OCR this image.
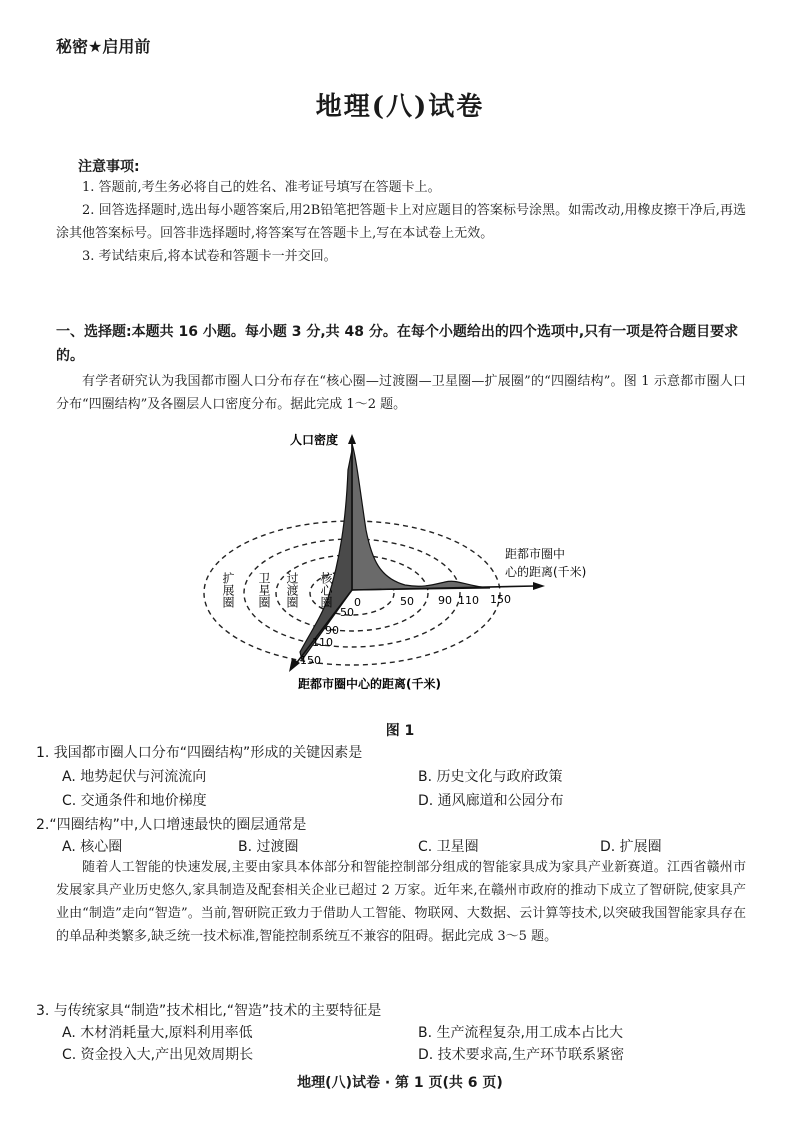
秘密★启用前
地理(八)试卷
注意事项:
1. 答题前,考生务必将自己的姓名、准考证号填写在答题卡上。
2. 回答选择题时,选出每小题答案后,用2B铅笔把答题卡上对应题目的答案标号涂黑。如需改动,用橡皮擦干净后,再选涂其他答案标号。回答非选择题时,将答案写在答题卡上,写在本试卷上无效。
3. 考试结束后,将本试卷和答题卡一并交回。
一、选择题:本题共 16 小题。每小题 3 分,共 48 分。在每个小题给出的四个选项中,只有一项是符合题目要求的。
有学者研究认为我国都市圈人口分布存在“核心圈—过渡圈—卫星圈—扩展圈”的“四圈结构”。图 1 示意都市圈人口分布“四圈结构”及各圈层人口密度分布。据此完成 1～2 题。
人口密度
距都市圈中
心的距离(千米)
距都市圈中心的距离(千米)
扩展圈 卫星圈 过渡圈 核心圈 0	50 90 110 150
50
90
110
150
图 1
1. 我国都市圈人口分布“四圈结构”形成的关键因素是
A. 地势起伏与河流流向	B. 历史文化与政府政策
C. 交通条件和地价梯度	D. 通风廊道和公园分布
2.“四圈结构”中,人口增速最快的圈层通常是
A. 核心圈	B. 过渡圈	C. 卫星圈	D. 扩展圈
随着人工智能的快速发展,主要由家具本体部分和智能控制部分组成的智能家具成为家具产业新赛道。江西省赣州市发展家具产业历史悠久,家具制造及配套相关企业已超过 2 万家。近年来,在赣州市政府的推动下成立了智研院,使家具产业由“制造”走向“智造”。当前,智研院正致力于借助人工智能、物联网、大数据、云计算等技术,以突破我国智能家具存在的单品种类繁多,缺乏统一技术标准,智能控制系统互不兼容的阻碍。据此完成 3～5 题。
3. 与传统家具“制造”技术相比,“智造”技术的主要特征是
A. 木材消耗量大,原料利用率低	B. 生产流程复杂,用工成本占比大
C. 资金投入大,产出见效周期长	D. 技术要求高,生产环节联系紧密
地理(八)试卷 · 第 1 页(共 6 页)
